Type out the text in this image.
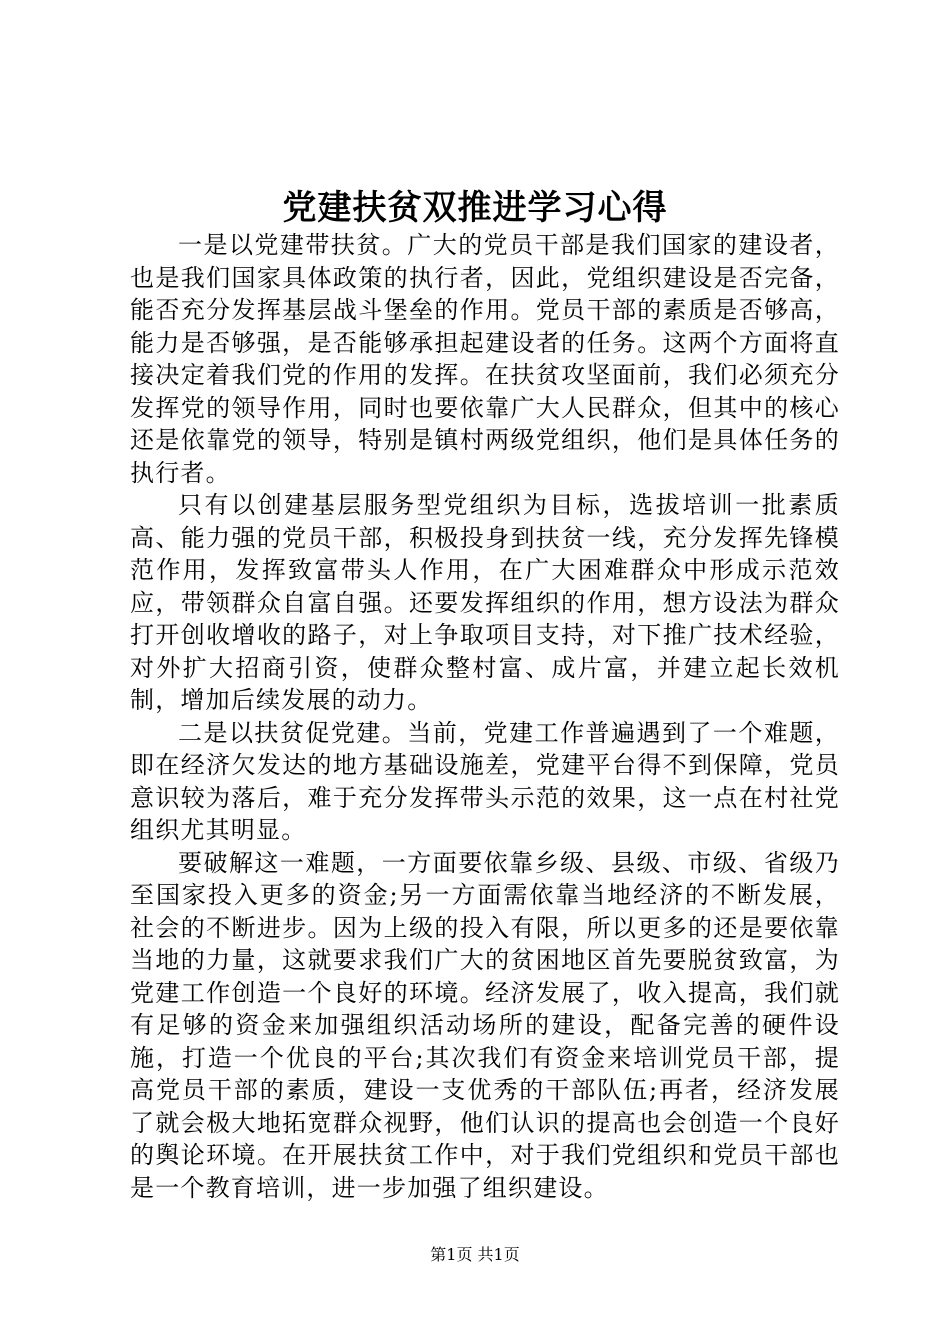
党建扶贫双推进学习心得

一是以党建带扶贫。广大的党员干部是我们国家的建设者，也是我们国家具体政策的执行者，因此，党组织建设是否完备，能否充分发挥基层战斗堡垒的作用。党员干部的素质是否够高，能力是否够强，是否能够承担起建设者的任务。这两个方面将直接决定着我们党的作用的发挥。在扶贫攻坚面前，我们必须充分发挥党的领导作用，同时也要依靠广大人民群众，但其中的核心还是依靠党的领导，特别是镇村两级党组织，他们是具体任务的执行者。

只有以创建基层服务型党组织为目标，选拔培训一批素质高、能力强的党员干部，积极投身到扶贫一线，充分发挥先锋模范作用，发挥致富带头人作用，在广大困难群众中形成示范效应，带领群众自富自强。还要发挥组织的作用，想方设法为群众打开创收增收的路子，对上争取项目支持，对下推广技术经验，对外扩大招商引资，使群众整村富、成片富，并建立起长效机制，增加后续发展的动力。

二是以扶贫促党建。当前，党建工作普遍遇到了一个难题，即在经济欠发达的地方基础设施差，党建平台得不到保障，党员意识较为落后，难于充分发挥带头示范的效果，这一点在村社党组织尤其明显。

要破解这一难题，一方面要依靠乡级、县级、市级、省级乃至国家投入更多的资金;另一方面需依靠当地经济的不断发展，社会的不断进步。因为上级的投入有限，所以更多的还是要依靠当地的力量，这就要求我们广大的贫困地区首先要脱贫致富，为党建工作创造一个良好的环境。经济发展了，收入提高，我们就有足够的资金来加强组织活动场所的建设，配备完善的硬件设施，打造一个优良的平台;其次我们有资金来培训党员干部，提高党员干部的素质，建设一支优秀的干部队伍;再者，经济发展了就会极大地拓宽群众视野，他们认识的提高也会创造一个良好的舆论环境。在开展扶贫工作中，对于我们党组织和党员干部也是一个教育培训，进一步加强了组织建设。

第1页 共1页
